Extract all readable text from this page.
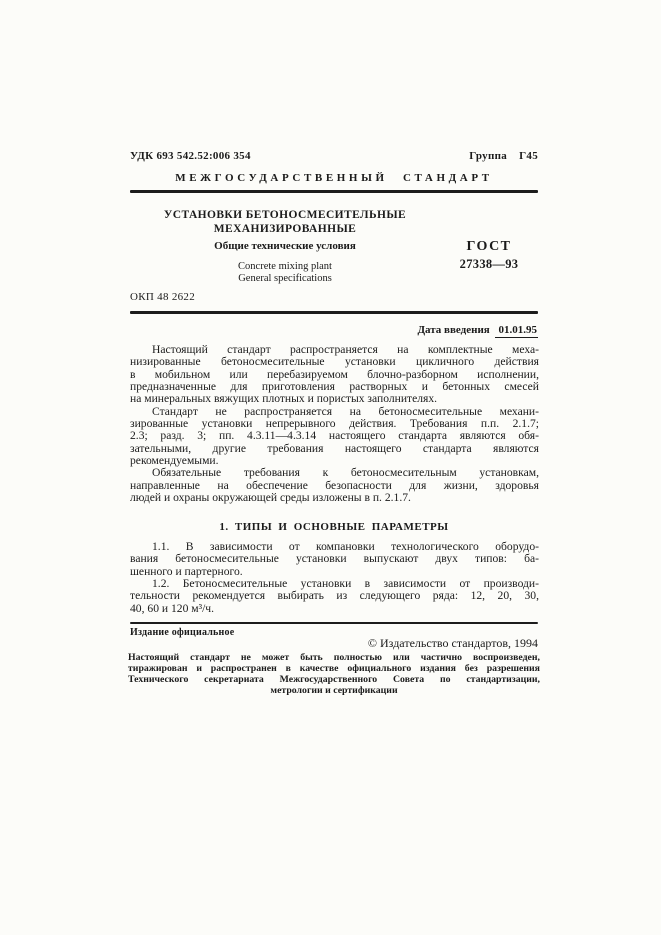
УДК 693 542.52:006 354	Группа Г45
МЕЖГОСУДАРСТВЕННЫЙ СТАНДАРТ
УСТАНОВКИ БЕТОНОСМЕСИТЕЛЬНЫЕ
МЕХАНИЗИРОВАННЫЕ
Общие технические условия
Concrete mixing plant
General specifications
ГОСТ
27338—93
ОКП 48 2622
Дата введения 01.01.95
Настоящий стандарт распространяется на комплектные меха-
низированные бетоносмесительные установки цикличного действия
в мобильном или перебазируемом блочно-разборном исполнении,
предназначенные для приготовления растворных и бетонных смесей
на минеральных вяжущих плотных и пористых заполнителях.
Стандарт не распространяется на бетоносмесительные механи-
зированные установки непрерывного действия. Требования п.п. 2.1.7;
2.3; разд. 3; пп. 4.3.11—4.3.14 настоящего стандарта являются обя-
зательными, другие требования настоящего стандарта являются
рекомендуемыми.
Обязательные требования к бетоносмесительным установкам,
направленные на обеспечение безопасности для жизни, здоровья
людей и охраны окружающей среды изложены в п. 2.1.7.
1. ТИПЫ И ОСНОВНЫЕ ПАРАМЕТРЫ
1.1. В зависимости от компановки технологического оборудо-
вания бетоносмесительные установки выпускают двух типов: ба-
шенного и партерного.
1.2. Бетоносмесительные установки в зависимости от производи-
тельности рекомендуется выбирать из следующего ряда: 12, 20, 30,
40, 60 и 120 м³/ч.
Издание официальное
© Издательство стандартов, 1994
Настоящий стандарт не может быть полностью или частично воспроизведен,
тиражирован и распространен в качестве официального издания без разрешения
Технического секретариата Межгосударственного Совета по стандартизации,
метрологии и сертификации
